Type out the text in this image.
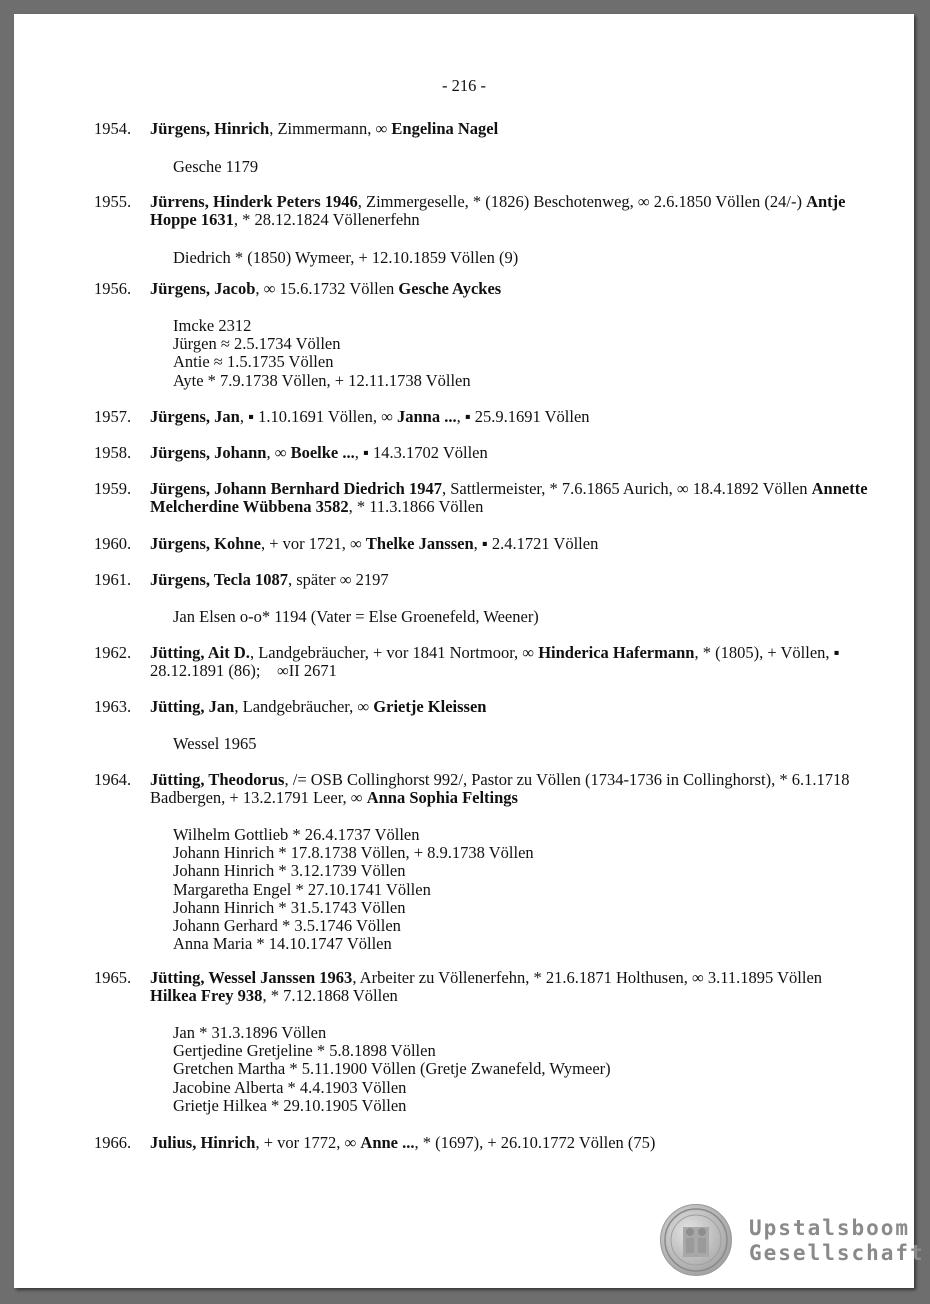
- 216 -
1954.	Jürgens, Hinrich, Zimmermann, ∞ Engelina Nagel
Gesche 1179
1955.	Jürrens, Hinderk Peters 1946, Zimmergeselle, * (1826) Beschotenweg, ∞ 2.6.1850 Völlen (24/-) Antje Hoppe 1631, * 28.12.1824 Völlenerfehn
Diedrich * (1850) Wymeer, + 12.10.1859 Völlen (9)
1956.	Jürgens, Jacob, ∞ 15.6.1732 Völlen Gesche Ayckes
Imcke 2312
Jürgen ≈ 2.5.1734 Völlen
Antie ≈ 1.5.1735 Völlen
Ayte * 7.9.1738 Völlen, + 12.11.1738 Völlen
1957.	Jürgens, Jan, ▪ 1.10.1691 Völlen, ∞ Janna ..., ▪ 25.9.1691 Völlen
1958.	Jürgens, Johann, ∞ Boelke ..., ▪ 14.3.1702 Völlen
1959.	Jürgens, Johann Bernhard Diedrich 1947, Sattlermeister, * 7.6.1865 Aurich, ∞ 18.4.1892 Völlen Annette Melcherdine Wübbena 3582, * 11.3.1866 Völlen
1960.	Jürgens, Kohne, + vor 1721, ∞ Thelke Janssen, ▪ 2.4.1721 Völlen
1961.	Jürgens, Tecla 1087, später ∞ 2197
Jan Elsen o-o* 1194 (Vater = Else Groenefeld, Weener)
1962.	Jütting, Ait D., Landgebräucher, + vor 1841 Nortmoor, ∞ Hinderica Hafermann, * (1805), + Völlen, ▪ 28.12.1891 (86);    ∞II 2671
1963.	Jütting, Jan, Landgebräucher, ∞ Grietje Kleissen
Wessel 1965
1964.	Jütting, Theodorus, /= OSB Collinghorst 992/, Pastor zu Völlen (1734-1736 in Collinghorst), * 6.1.1718 Badbergen, + 13.2.1791 Leer, ∞ Anna Sophia Feltings
Wilhelm Gottlieb * 26.4.1737 Völlen
Johann Hinrich * 17.8.1738 Völlen, + 8.9.1738 Völlen
Johann Hinrich * 3.12.1739 Völlen
Margaretha Engel * 27.10.1741 Völlen
Johann Hinrich * 31.5.1743 Völlen
Johann Gerhard * 3.5.1746 Völlen
Anna Maria * 14.10.1747 Völlen
1965.	Jütting, Wessel Janssen 1963, Arbeiter zu Völlenerfehn, * 21.6.1871 Holthusen, ∞ 3.11.1895 Völlen Hilkea Frey 938, * 7.12.1868 Völlen
Jan * 31.3.1896 Völlen
Gertjedine Gretjeline * 5.8.1898 Völlen
Gretchen Martha * 5.11.1900 Völlen (Gretje Zwanefeld, Wymeer)
Jacobine Alberta * 4.4.1903 Völlen
Grietje Hilkea * 29.10.1905 Völlen
1966.	Julius, Hinrich, + vor 1772, ∞ Anne ..., * (1697), + 26.10.1772 Völlen (75)
Upstalsboom
Gesellschaft
